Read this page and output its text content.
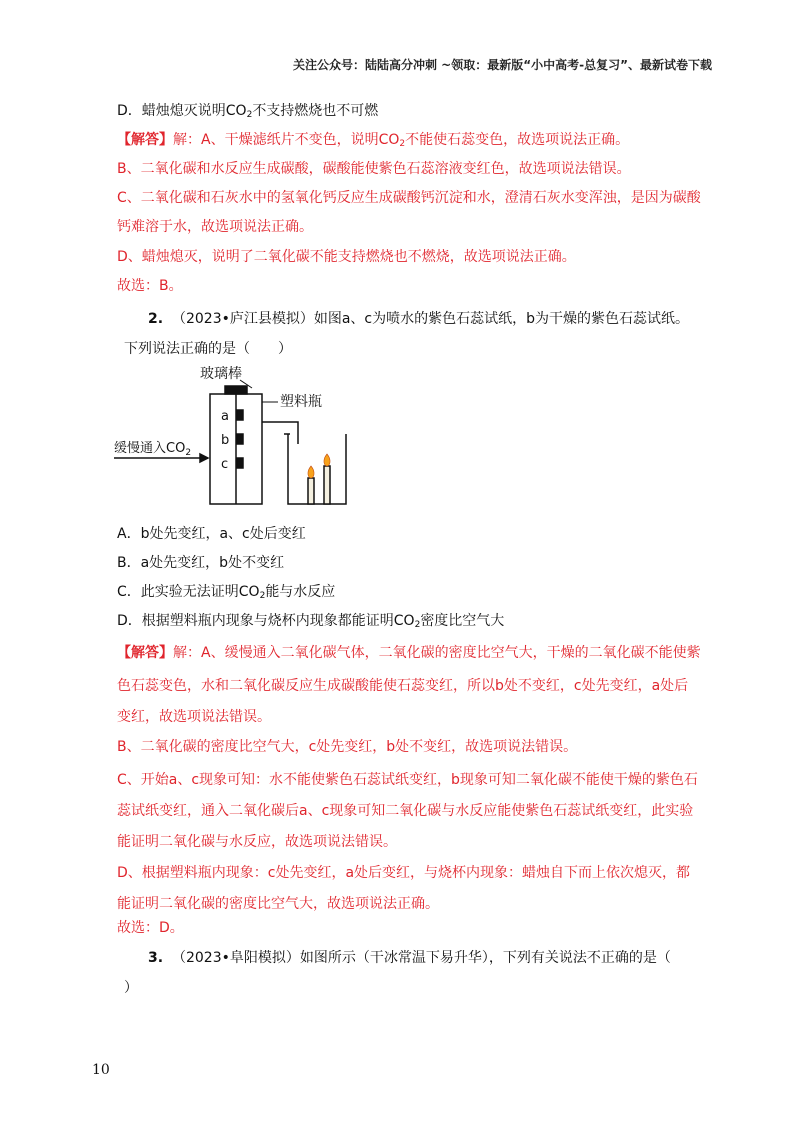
关注公众号：陆陆高分冲刺 ~领取：最新版“小中高考-总复习”、最新试卷下载
D．蜡烛熄灭说明$CO_2$不支持燃烧也不可燃
【解答】解：A、干燥滤纸片不变色，说明$CO_2$不能使石蕊变色，故选项说法正确。
B、二氧化碳和水反应生成碳酸，碳酸能使紫色石蕊溶液变红色，故选项说法错误。
C、二氧化碳和石灰水中的氢氧化钙反应生成碳酸钙沉淀和水，澄清石灰水变浑浊，是因为碳酸
钙难溶于水，故选项说法正确。
D、蜡烛熄灭，说明了二氧化碳不能支持燃烧也不燃烧，故选项说法正确。
故选：B。
2. （2023•庐江县模拟）如图a、c为喷水的紫色石蕊试纸，b为干燥的紫色石蕊试纸。
下列说法正确的是（　　）
玻璃棒
塑料瓶
缓慢通入$CO_2$
a
b
c
A．b处先变红，a、c处后变红
B．a处先变红，b处不变红
C．此实验无法证明$CO_2$能与水反应
D．根据塑料瓶内现象与烧杯内现象都能证明$CO_2$密度比空气大
【解答】解：A、缓慢通入二氧化碳气体，二氧化碳的密度比空气大，干燥的二氧化碳不能使紫
色石蕊变色，水和二氧化碳反应生成碳酸能使石蕊变红，所以b处不变红，c处先变红，a处后
变红，故选项说法错误。
B、二氧化碳的密度比空气大，c处先变红，b处不变红，故选项说法错误。
C、开始a、c现象可知：水不能使紫色石蕊试纸变红，b现象可知二氧化碳不能使干燥的紫色石
蕊试纸变红，通入二氧化碳后a、c现象可知二氧化碳与水反应能使紫色石蕊试纸变红，此实验
能证明二氧化碳与水反应，故选项说法错误。
D、根据塑料瓶内现象：c处先变红，a处后变红，与烧杯内现象：蜡烛自下而上依次熄灭，都
能证明二氧化碳的密度比空气大，故选项说法正确。
故选：D。
3. （2023•阜阳模拟）如图所示（干冰常温下易升华），下列有关说法不正确的是（
）
10
